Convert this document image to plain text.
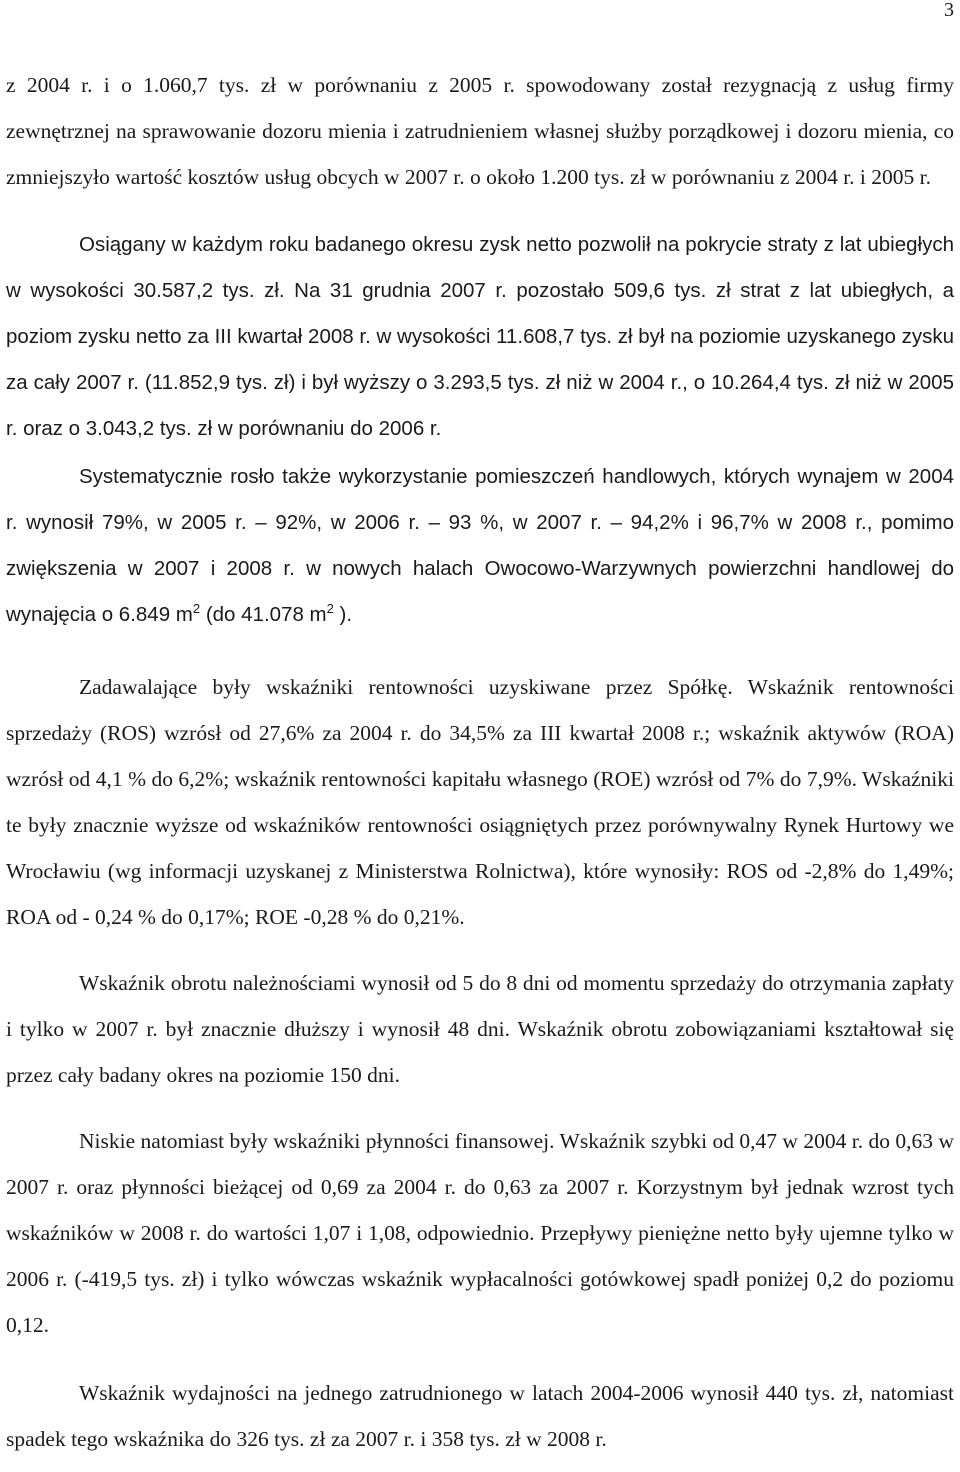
3

z 2004 r. i o 1.060,7 tys. zł w porównaniu z 2005 r. spowodowany został rezygnacją z usług firmy zewnętrznej na sprawowanie dozoru mienia i zatrudnieniem własnej służby porządkowej i dozoru mienia, co zmniejszyło wartość kosztów usług obcych w 2007 r. o około 1.200 tys. zł w porównaniu z 2004 r. i 2005 r.

Osiągany w każdym roku badanego okresu zysk netto pozwolił na pokrycie straty z lat ubiegłych w wysokości 30.587,2 tys. zł. Na 31 grudnia 2007 r. pozostało 509,6 tys. zł strat z lat ubiegłych, a poziom zysku netto za III kwartał 2008 r. w wysokości 11.608,7 tys. zł był na poziomie uzyskanego zysku za cały 2007 r. (11.852,9 tys. zł) i był wyższy o 3.293,5 tys. zł niż w 2004 r., o 10.264,4 tys. zł niż w 2005 r. oraz o 3.043,2 tys. zł w porównaniu do 2006 r.

Systematycznie rosło także wykorzystanie pomieszczeń handlowych, których wynajem w 2004 r. wynosił 79%, w 2005 r. – 92%, w 2006 r. – 93 %, w 2007 r. – 94,2% i 96,7% w 2008 r., pomimo zwiększenia w 2007 i 2008 r. w nowych halach Owocowo-Warzywnych powierzchni handlowej do wynajęcia o 6.849 $m^2$ (do 41.078 $m^2$ ).

Zadawalające były wskaźniki rentowności uzyskiwane przez Spółkę. Wskaźnik rentowności sprzedaży (ROS) wzrósł od 27,6% za 2004 r. do 34,5% za III kwartał 2008 r.; wskaźnik aktywów (ROA) wzrósł od 4,1 % do 6,2%; wskaźnik rentowności kapitału własnego (ROE) wzrósł od 7% do 7,9%. Wskaźniki te były znacznie wyższe od wskaźników rentowności osiągniętych przez porównywalny Rynek Hurtowy we Wrocławiu (wg informacji uzyskanej z Ministerstwa Rolnictwa), które wynosiły: ROS od -2,8% do 1,49%; ROA od - 0,24 % do 0,17%; ROE -0,28 % do 0,21%.

Wskaźnik obrotu należnościami wynosił od 5 do 8 dni od momentu sprzedaży do otrzymania zapłaty i tylko w 2007 r. był znacznie dłuższy i wynosił 48 dni. Wskaźnik obrotu zobowiązaniami kształtował się przez cały badany okres na poziomie 150 dni.

Niskie natomiast były wskaźniki płynności finansowej. Wskaźnik szybki od 0,47 w 2004 r. do 0,63 w 2007 r. oraz płynności bieżącej od 0,69 za 2004 r. do 0,63 za 2007 r. Korzystnym był jednak wzrost tych wskaźników w 2008 r. do wartości 1,07 i 1,08, odpowiednio. Przepływy pieniężne netto były ujemne tylko w 2006 r. (-419,5 tys. zł) i tylko wówczas wskaźnik wypłacalności gotówkowej spadł poniżej 0,2 do poziomu 0,12.

Wskaźnik wydajności na jednego zatrudnionego w latach 2004-2006 wynosił 440 tys. zł, natomiast spadek tego wskaźnika do 326 tys. zł za 2007 r. i 358 tys. zł w 2008 r.
